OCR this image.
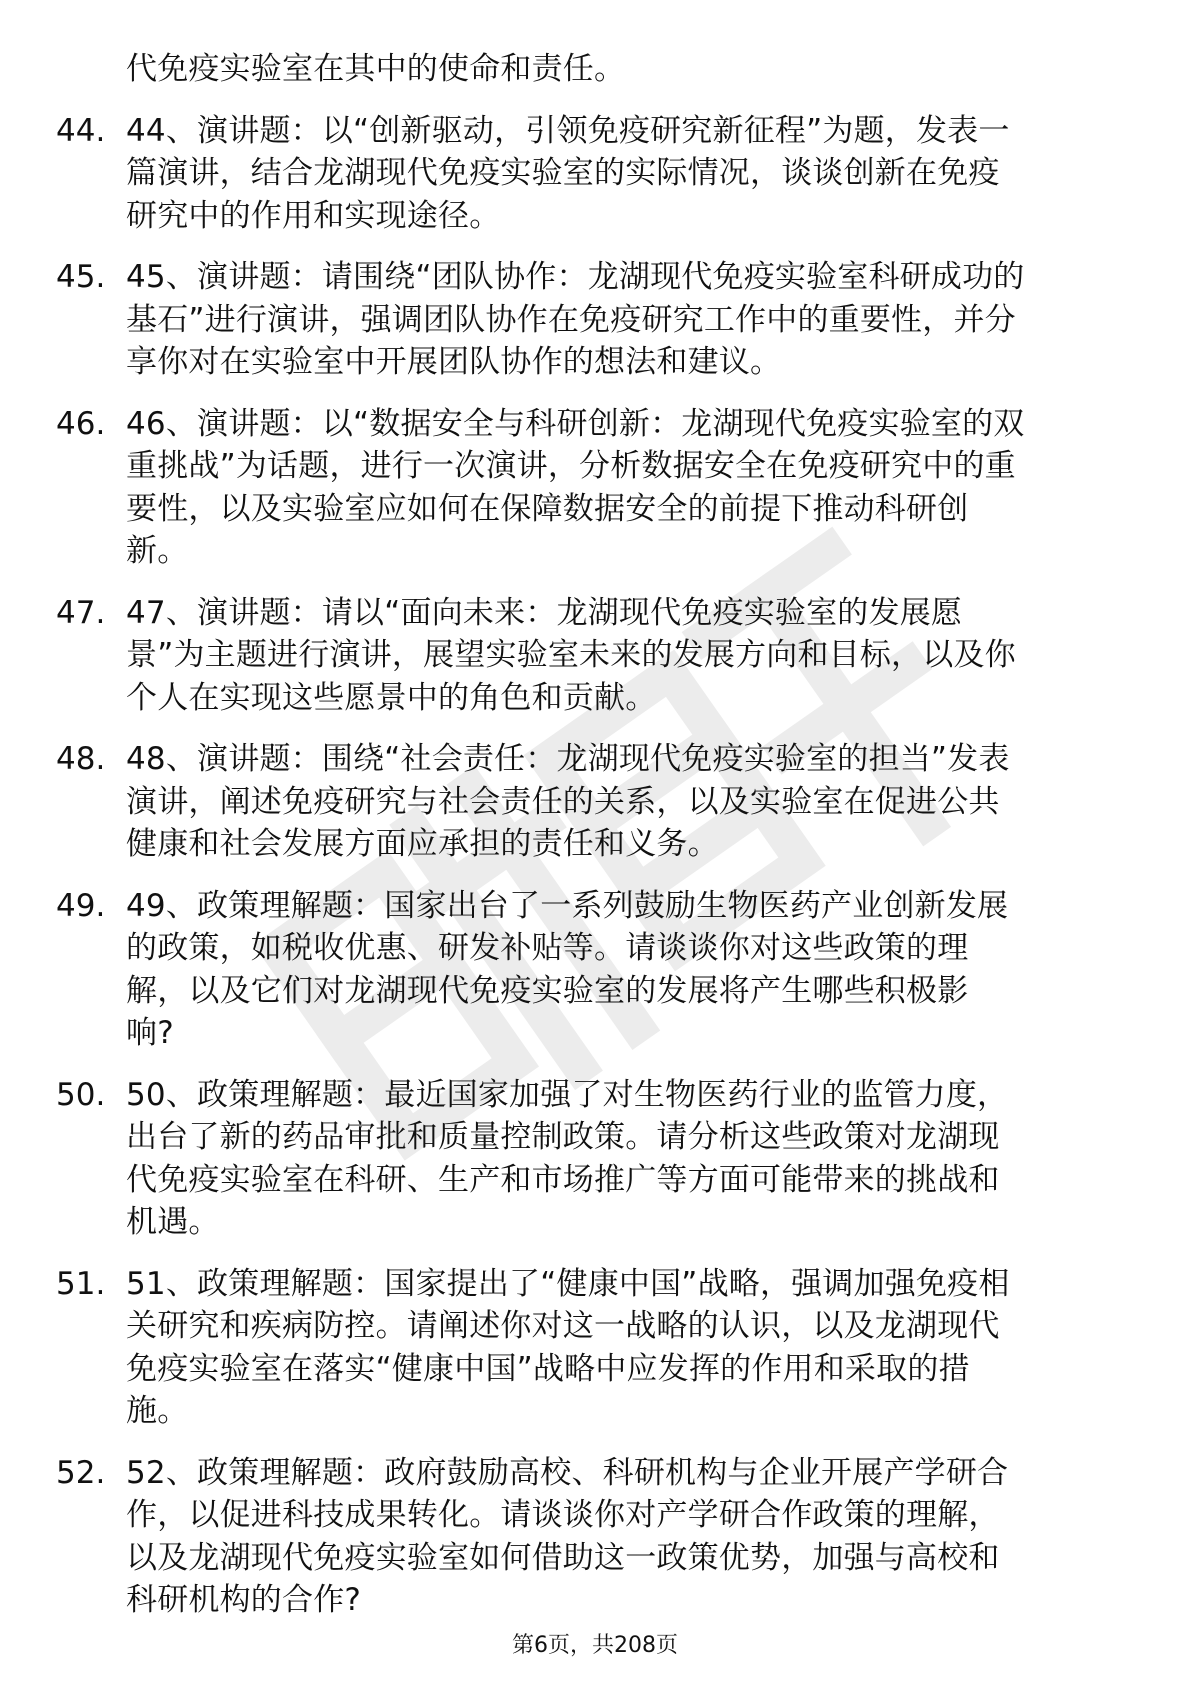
代免疫实验室在其中的使命和责任。
44. 44、演讲题：以“创新驱动，引领免疫研究新征程”为题，发表一
篇演讲，结合龙湖现代免疫实验室的实际情况，谈谈创新在免疫
研究中的作用和实现途径。
45. 45、演讲题：请围绕“团队协作：龙湖现代免疫实验室科研成功的
基石”进行演讲，强调团队协作在免疫研究工作中的重要性，并分
享你对在实验室中开展团队协作的想法和建议。
46. 46、演讲题：以“数据安全与科研创新：龙湖现代免疫实验室的双
重挑战”为话题，进行一次演讲，分析数据安全在免疫研究中的重
要性，以及实验室应如何在保障数据安全的前提下推动科研创
新。
47. 47、演讲题：请以“面向未来：龙湖现代免疫实验室的发展愿
景”为主题进行演讲，展望实验室未来的发展方向和目标，以及你
个人在实现这些愿景中的角色和贡献。
48. 48、演讲题：围绕“社会责任：龙湖现代免疫实验室的担当”发表
演讲，阐述免疫研究与社会责任的关系，以及实验室在促进公共
健康和社会发展方面应承担的责任和义务。
49. 49、政策理解题：国家出台了一系列鼓励生物医药产业创新发展
的政策，如税收优惠、研发补贴等。请谈谈你对这些政策的理
解，以及它们对龙湖现代免疫实验室的发展将产生哪些积极影
响?
50. 50、政策理解题：最近国家加强了对生物医药行业的监管力度，
出台了新的药品审批和质量控制政策。请分析这些政策对龙湖现
代免疫实验室在科研、生产和市场推广等方面可能带来的挑战和
机遇。
51. 51、政策理解题：国家提出了“健康中国”战略，强调加强免疫相
关研究和疾病防控。请阐述你对这一战略的认识，以及龙湖现代
免疫实验室在落实“健康中国”战略中应发挥的作用和采取的措
施。
52. 52、政策理解题：政府鼓励高校、科研机构与企业开展产学研合
作，以促进科技成果转化。请谈谈你对产学研合作政策的理解，
以及龙湖现代免疫实验室如何借助这一政策优势，加强与高校和
科研机构的合作?
第6页，共208页
